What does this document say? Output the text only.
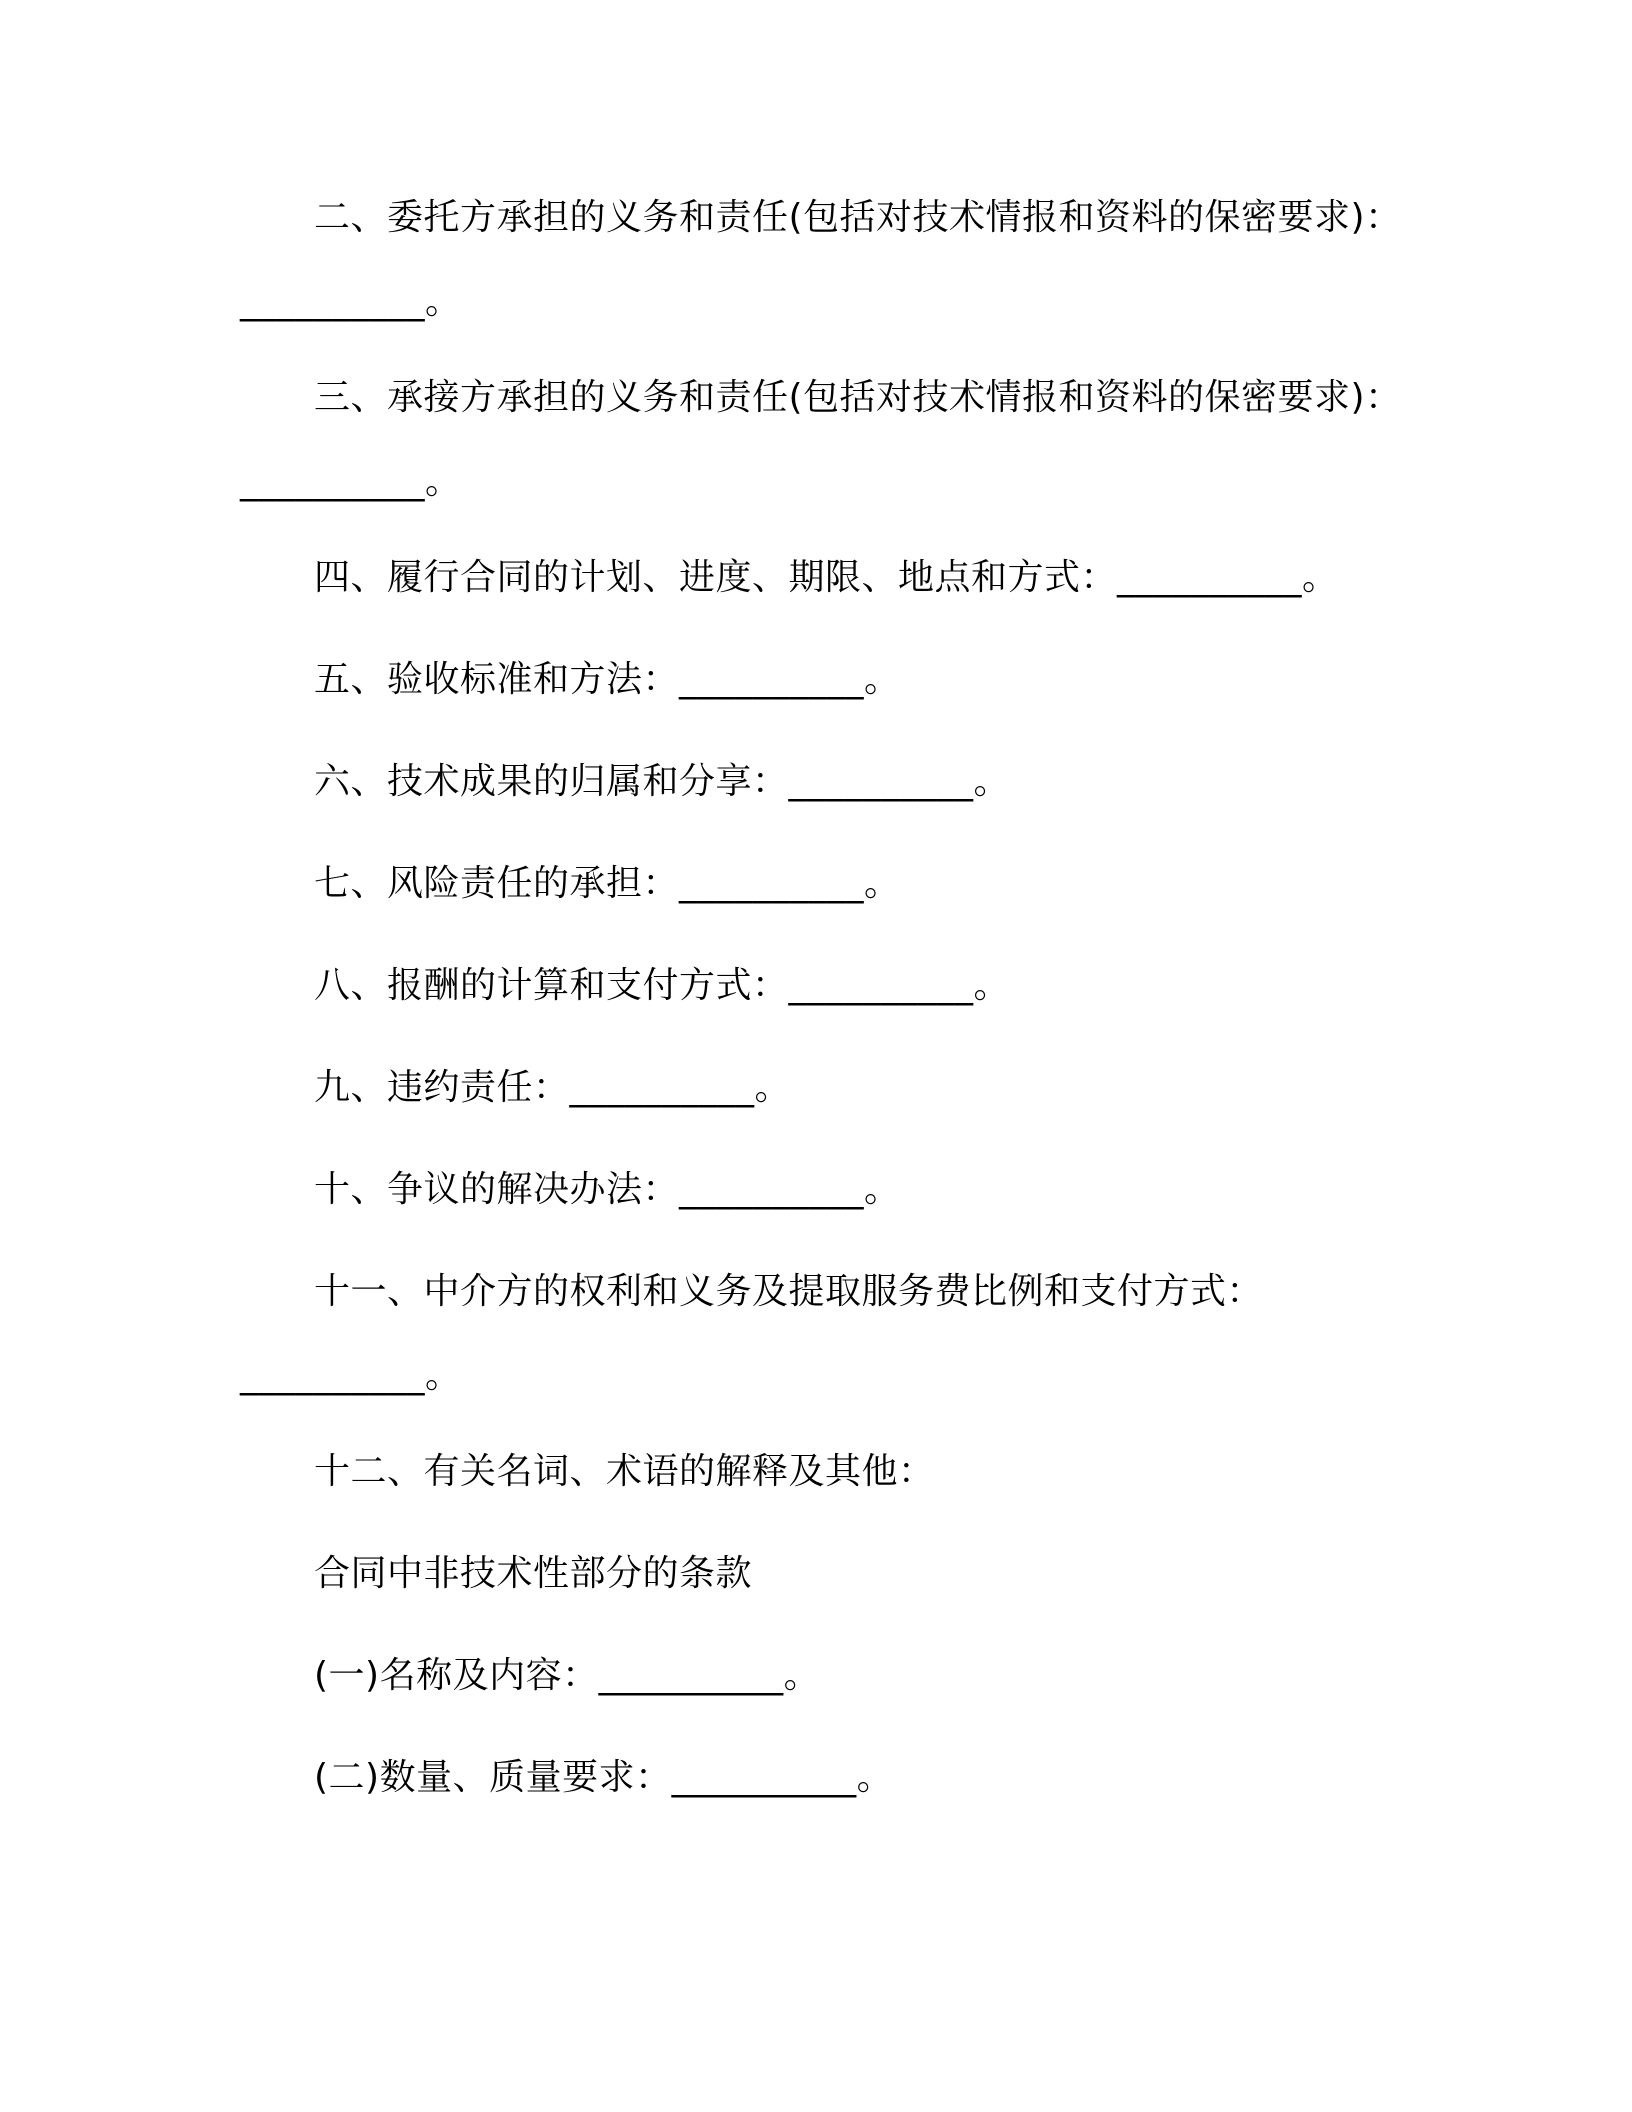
二、委托方承担的义务和责任(包括对技术情报和资料的保密要求)：
__________。
三、承接方承担的义务和责任(包括对技术情报和资料的保密要求)：
__________。
四、履行合同的计划、进度、期限、地点和方式：__________。
五、验收标准和方法：__________。
六、技术成果的归属和分享：__________。
七、风险责任的承担：__________。
八、报酬的计算和支付方式：__________。
九、违约责任：__________。
十、争议的解决办法：__________。
十一、中介方的权利和义务及提取服务费比例和支付方式：
__________。
十二、有关名词、术语的解释及其他：
合同中非技术性部分的条款
(一)名称及内容：__________。
(二)数量、质量要求：__________。
